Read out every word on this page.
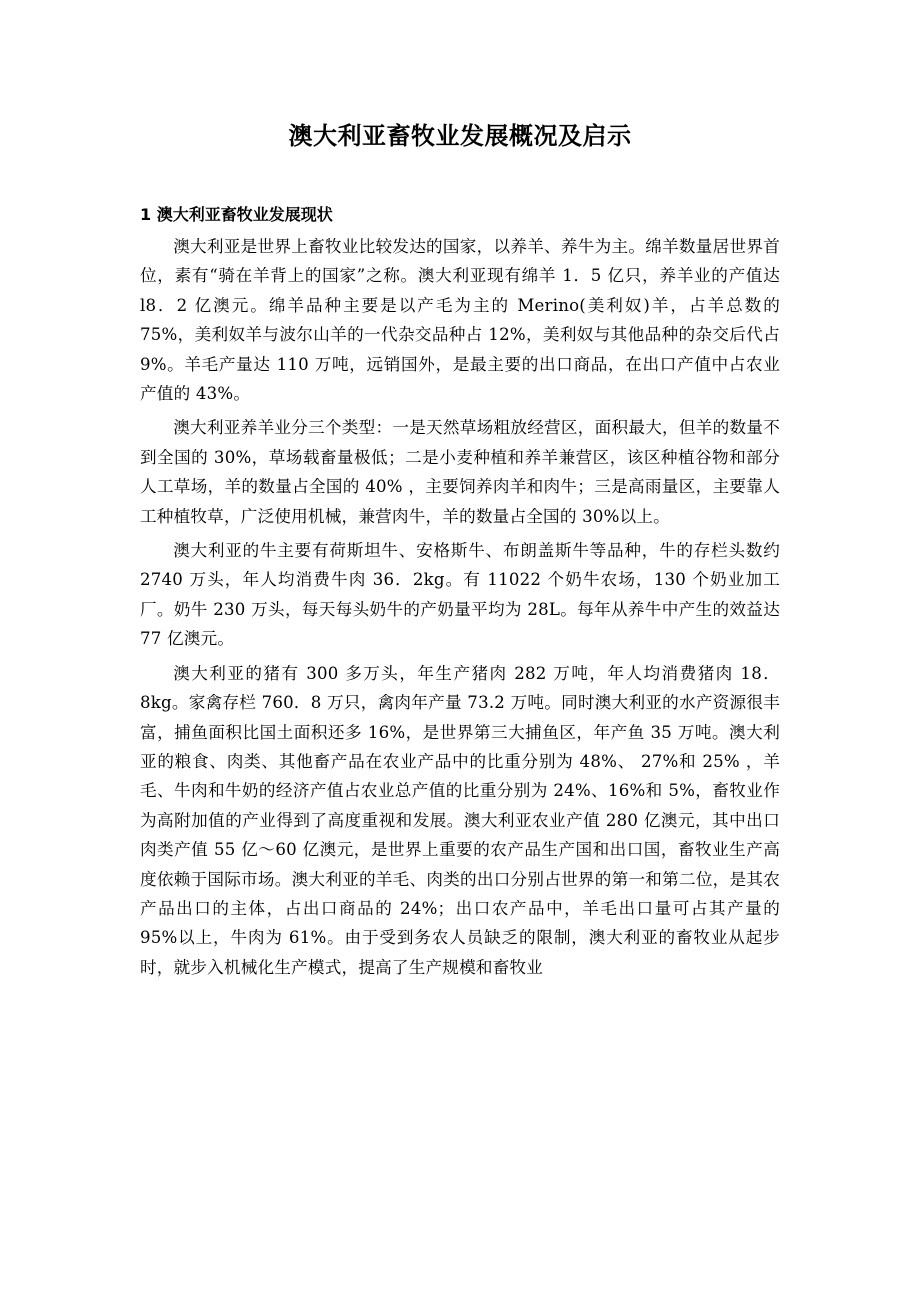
澳大利亚畜牧业发展概况及启示
1 澳大利亚畜牧业发展现状

澳大利亚是世界上畜牧业比较发达的国家，以养羊、养牛为主。绵羊数量居世界首位，素有“骑在羊背上的国家”之称。澳大利亚现有绵羊 1．5 亿只，养羊业的产值达 l8．2 亿澳元。绵羊品种主要是以产毛为主的 Merino(美利奴)羊，占羊总数的 75%，美利奴羊与波尔山羊的一代杂交品种占 12%，美利奴与其他品种的杂交后代占 9%。羊毛产量达 110 万吨，远销国外，是最主要的出口商品，在出口产值中占农业产值的 43%。

澳大利亚养羊业分三个类型：一是天然草场粗放经营区，面积最大，但羊的数量不到全国的 30%，草场载畜量极低；二是小麦种植和养羊兼营区，该区种植谷物和部分人工草场，羊的数量占全国的 40% ，主要饲养肉羊和肉牛；三是高雨量区，主要靠人工种植牧草，广泛使用机械，兼营肉牛，羊的数量占全国的 30%以上。

澳大利亚的牛主要有荷斯坦牛、安格斯牛、布朗盖斯牛等品种，牛的存栏头数约 2740 万头，年人均消费牛肉 36．2kg。有 11022 个奶牛农场，130 个奶业加工厂。奶牛 230 万头，每天每头奶牛的产奶量平均为 28L。每年从养牛中产生的效益达 77 亿澳元。

澳大利亚的猪有 300 多万头，年生产猪肉 282 万吨，年人均消费猪肉 18．8kg。家禽存栏 760．8 万只，禽肉年产量 73.2 万吨。同时澳大利亚的水产资源很丰富，捕鱼面积比国土面积还多 16%，是世界第三大捕鱼区，年产鱼 35 万吨。澳大利亚的粮食、肉类、其他畜产品在农业产品中的比重分别为 48%、 27%和 25% ，羊毛、牛肉和牛奶的经济产值占农业总产值的比重分别为 24%、16%和 5%，畜牧业作为高附加值的产业得到了高度重视和发展。澳大利亚农业产值 280 亿澳元，其中出口肉类产值 55 亿～60 亿澳元，是世界上重要的农产品生产国和出口国，畜牧业生产高度依赖于国际市场。澳大利亚的羊毛、肉类的出口分别占世界的第一和第二位，是其农产品出口的主体，占出口商品的 24%；出口农产品中，羊毛出口量可占其产量的 95%以上，牛肉为 61%。由于受到务农人员缺乏的限制，澳大利亚的畜牧业从起步时，就步入机械化生产模式，提高了生产规模和畜牧业
